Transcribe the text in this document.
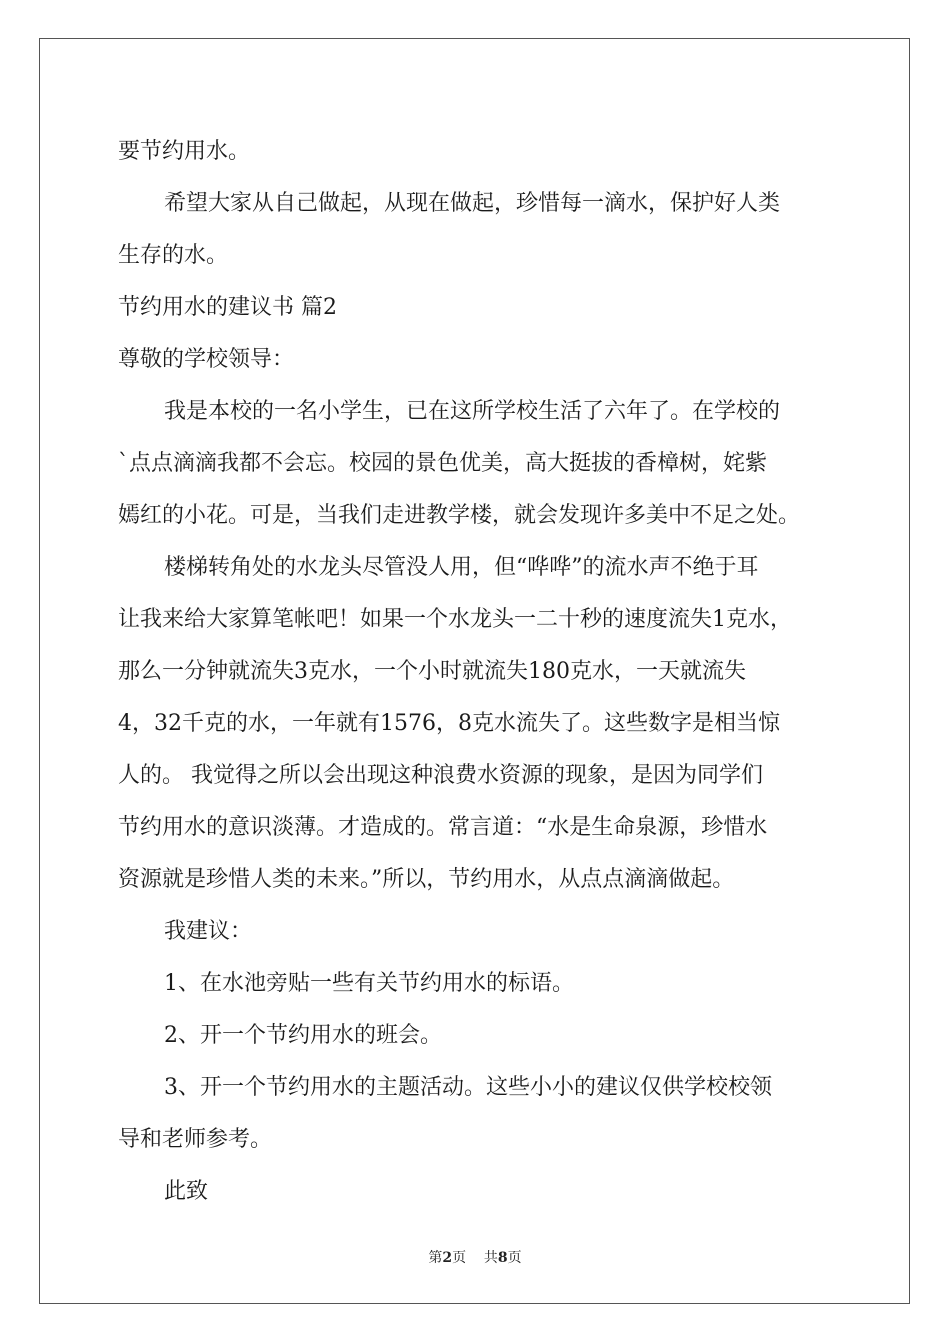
要节约用水。
希望大家从自己做起，从现在做起，珍惜每一滴水，保护好人类
生存的水。
节约用水的建议书 篇2
尊敬的学校领导：
我是本校的一名小学生，已在这所学校生活了六年了。在学校的
`点点滴滴我都不会忘。校园的景色优美，高大挺拔的香樟树，姹紫
嫣红的小花。可是，当我们走进教学楼，就会发现许多美中不足之处。
楼梯转角处的水龙头尽管没人用，但“哗哗”的流水声不绝于耳
让我来给大家算笔帐吧！如果一个水龙头一二十秒的速度流失1克水，
那么一分钟就流失3克水，一个小时就流失180克水，一天就流失
4，32千克的水，一年就有1576，8克水流失了。这些数字是相当惊
人的。 我觉得之所以会出现这种浪费水资源的现象，是因为同学们
节约用水的意识淡薄。才造成的。常言道：“水是生命泉源，珍惜水
资源就是珍惜人类的未来。”所以，节约用水，从点点滴滴做起。
我建议：
1、在水池旁贴一些有关节约用水的标语。
2、开一个节约用水的班会。
3、开一个节约用水的主题活动。这些小小的建议仅供学校校领
导和老师参考。
此致
第2页    共8页
